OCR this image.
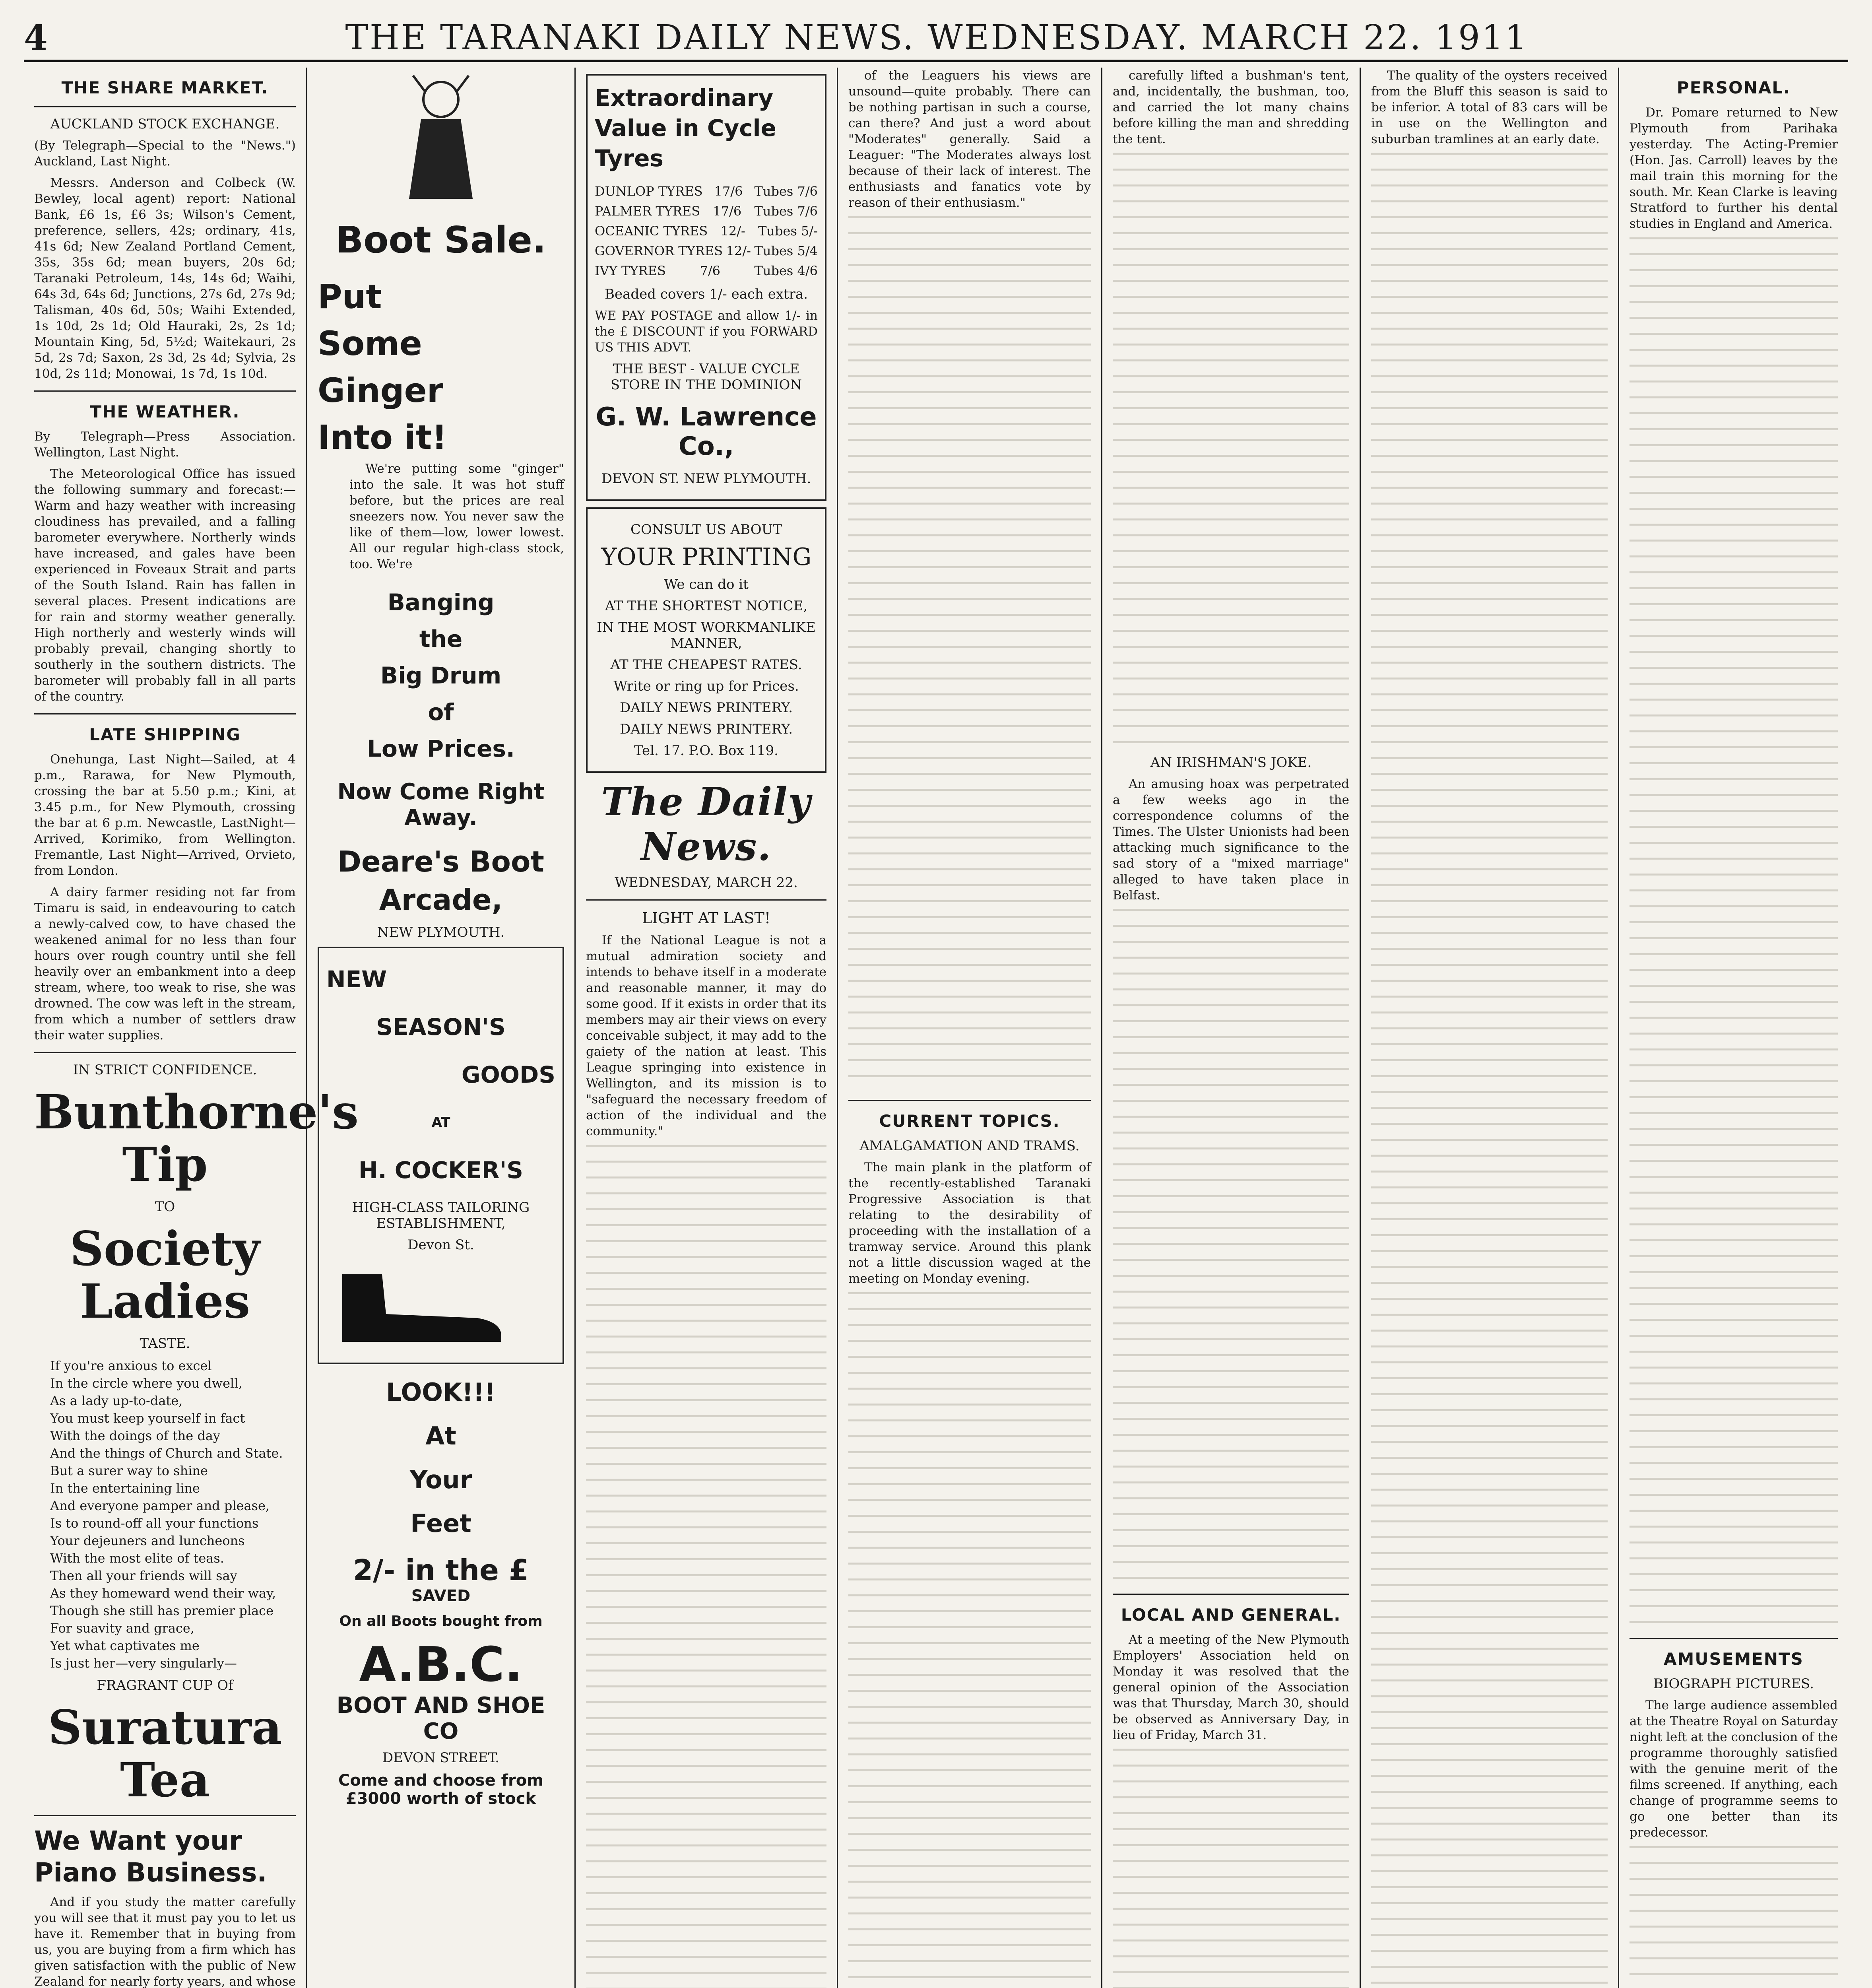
4	THE TARANAKI DAILY NEWS. WEDNESDAY. MARCH 22. 1911
THE SHARE MARKET.
AUCKLAND STOCK EXCHANGE.

(By Telegraph—Special to the "News.") Auckland, Last Night.

Messrs. Anderson and Colbeck (W. Bewley, local agent) report: National Bank, £6 1s, £6 3s; Wilson's Cement, preference, sellers, 42s; ordinary, 41s, 41s 6d; New Zealand Portland Cement, 35s, 35s 6d; mean buyers, 20s 6d; Taranaki Petroleum, 14s, 14s 6d; Waihi, 64s 3d, 64s 6d; Junctions, 27s 6d, 27s 9d; Talisman, 40s 6d, 50s; Waihi Extended, 1s 10d, 2s 1d; Old Hauraki, 2s, 2s 1d; Mountain King, 5d, 5½d; Waitekauri, 2s 5d, 2s 7d; Saxon, 2s 3d, 2s 4d; Sylvia, 2s 10d, 2s 11d; Monowai, 1s 7d, 1s 10d.

THE WEATHER.

By Telegraph—Press Association. Wellington, Last Night.

The Meteorological Office has issued the following summary and forecast:—Warm and hazy weather with increasing cloudiness has prevailed, and a falling barometer everywhere. Northerly winds have increased, and gales have been experienced in Foveaux Strait and parts of the South Island. Rain has fallen in several places. Present indications are for rain and stormy weather generally. High northerly and westerly winds will probably prevail, changing shortly to southerly in the southern districts. The barometer will probably fall in all parts of the country.

LATE SHIPPING

Onehunga, Last Night—Sailed, at 4 p.m., Rarawa, for New Plymouth, crossing the bar at 5.50 p.m.; Kini, at 3.45 p.m., for New Plymouth, crossing the bar at 6 p.m. Newcastle, LastNight—Arrived, Korimiko, from Wellington. Fremantle, Last Night—Arrived, Orvieto, from London.

A dairy farmer residing not far from Timaru is said, in endeavouring to catch a newly-calved cow, to have chased the weakened animal for no less than four hours over rough country until she fell heavily over an embankment into a deep stream, where, too weak to rise, she was drowned. The cow was left in the stream, from which a number of settlers draw their water supplies.

IN STRICT CONFIDENCE.
Bunthorne's Tip
TO
Society Ladies
TASTE.
If you're anxious to excel
In the circle where you dwell,
As a lady up-to-date,
You must keep yourself in fact
With the doings of the day
And the things of Church and State.
But a surer way to shine
In the entertaining line
And everyone pamper and please,
Is to round-off all your functions
Your dejeuners and luncheons
With the most elite of teas.
Then all your friends will say
As they homeward wend their way,
Though she still has premier place
For suavity and grace,
Yet what captivates me
Is just her—very singularly—
FRAGRANT CUP Of
Suratura Tea
We Want your Piano Business.

And if you study the matter carefully you will see that it must pay you to let us have it. Remember that in buying from us, you are buying from a firm which has given satisfaction with the public of New Zealand for nearly forty years, and whose

Boot Sale.
Put
Some
Ginger
Into it!

We're putting some "ginger" into the sale. It was hot stuff before, but the prices are real sneezers now. You never saw the like of them—low, lower lowest. All our regular high-class stock, too. We're

Banging
the
Big Drum
of
Low Prices.
Now Come Right Away.
Deare's Boot Arcade,
NEW PLYMOUTH.
NEW
SEASON'S
GOODS
AT
H. COCKER'S
HIGH-CLASS TAILORING ESTABLISHMENT,
Devon St.
LOOK!!!
At
Your
Feet
2/- in the £
SAVED
On all Boots bought from
A.B.C.
BOOT AND SHOE CO
DEVON STREET.
Come and choose from £3000 worth of stock
Extraordinary Value in Cycle Tyres
DUNLOP TYRES 17/6 Tubes 7/6
PALMER TYRES 17/6 Tubes 7/6
OCEANIC TYRES 12/- Tubes 5/-
GOVERNOR TYRES 12/- Tubes 5/4
IVY TYRES	7/6	Tubes 4/6
Beaded covers 1/- each extra.

WE PAY POSTAGE and allow 1/- in the £ DISCOUNT if you FORWARD US THIS ADVT.

THE BEST - VALUE CYCLE STORE IN THE DOMINION
G. W. Lawrence Co.,
DEVON ST. NEW PLYMOUTH.
CONSULT US ABOUT
YOUR PRINTING
We can do it
AT THE SHORTEST NOTICE,
IN THE MOST WORKMANLIKE MANNER,
AT THE CHEAPEST RATES.
Write or ring up for Prices.
DAILY NEWS PRINTERY.
DAILY NEWS PRINTERY.
Tel. 17. P.O. Box 119.
The Daily News.
WEDNESDAY, MARCH 22.
LIGHT AT LAST!

If the National League is not a mutual admiration society and intends to behave itself in a moderate and reasonable manner, it may do some good. If it exists in order that its members may air their views on every conceivable subject, it may add to the gaiety of the nation at least. This League springing into existence in Wellington, and its mission is to "safeguard the necessary freedom of action of the individual and the community."

of the Leaguers his views are unsound—quite probably. There can be nothing partisan in such a course, can there? And just a word about "Moderates" generally. Said a Leaguer: "The Moderates always lost because of their lack of interest. The enthusiasts and fanatics vote by reason of their enthusiasm."

CURRENT TOPICS.
AMALGAMATION AND TRAMS.

The main plank in the platform of the recently-established Taranaki Progressive Association is that relating to the desirability of proceeding with the installation of a tramway service. Around this plank not a little discussion waged at the meeting on Monday evening.

carefully lifted a bushman's tent, and, incidentally, the bushman, too, and carried the lot many chains before killing the man and shredding the tent.

AN IRISHMAN'S JOKE.

An amusing hoax was perpetrated a few weeks ago in the correspondence columns of the Times. The Ulster Unionists had been attacking much significance to the sad story of a "mixed marriage" alleged to have taken place in Belfast.

LOCAL AND GENERAL.

At a meeting of the New Plymouth Employers' Association held on Monday it was resolved that the general opinion of the Association was that Thursday, March 30, should be observed as Anniversary Day, in lieu of Friday, March 31.

The quality of the oysters received from the Bluff this season is said to be inferior. A total of 83 cars will be in use on the Wellington and suburban tramlines at an early date.

PERSONAL.

Dr. Pomare returned to New Plymouth from Parihaka yesterday. The Acting-Premier (Hon. Jas. Carroll) leaves by the mail train this morning for the south. Mr. Kean Clarke is leaving Stratford to further his dental studies in England and America.

AMUSEMENTS
BIOGRAPH PICTURES.

The large audience assembled at the Theatre Royal on Saturday night left at the conclusion of the programme thoroughly satisfied with the genuine merit of the films screened. If anything, each change of programme seems to go one better than its predecessor.
